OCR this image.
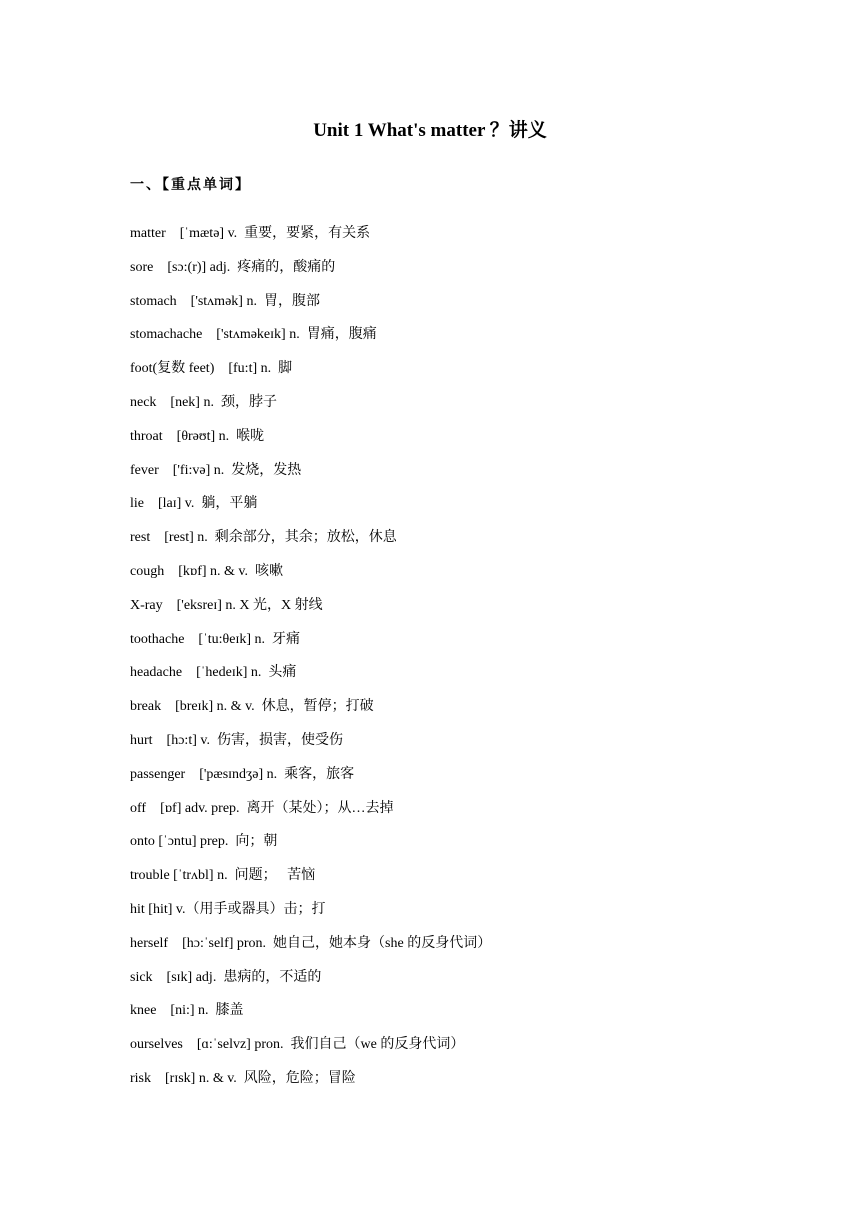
Unit 1 What's matter ？讲义
一、【重点单词】
matter    [ˈmætə] v.  重要，要紧，有关系
sore    [sɔ:(r)] adj.  疼痛的，酸痛的
stomach    ['stʌmək] n.  胃，腹部
stomachache    ['stʌməkeɪk] n.  胃痛，腹痛
foot(复数 feet)    [fu:t] n.  脚
neck    [nek] n.  颈，脖子
throat    [θrəʊt] n.  喉咙
fever    ['fi:və] n.  发烧，发热
lie    [laɪ] v.  躺，平躺
rest    [rest] n.  剩余部分，其余；放松，休息
cough    [kɒf] n. & v.  咳嗽
X-ray    ['eksreɪ] n. X 光，X 射线
toothache    [ˈtu:θeɪk] n.  牙痛
headache    [ˈhedeɪk] n.  头痛
break    [breɪk] n. & v.  休息，暂停；打破
hurt    [hɔ:t] v.  伤害，损害，使受伤
passenger    ['pæsɪndʒə] n.  乘客，旅客
off    [ɒf] adv. prep.  离开（某处）；从…去掉
onto [ˈɔntu] prep.  向；朝
trouble [ˈtrʌbl] n.  问题；   苦恼
hit [hit] v.（用手或器具）击；打
herself    [hɔ:ˈself] pron.  她自己，她本身（she 的反身代词）
sick    [sɪk] adj.  患病的，不适的
knee    [ni:] n.  膝盖
ourselves    [ɑ:ˈselvz] pron.  我们自己（we 的反身代词）
risk    [rɪsk] n. & v.  风险，危险；冒险
